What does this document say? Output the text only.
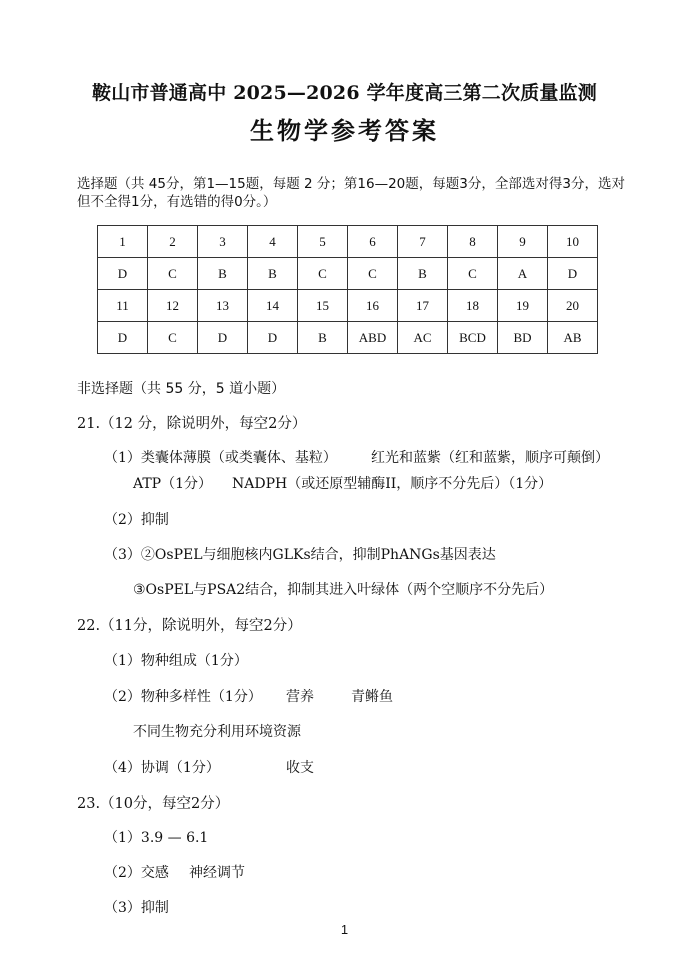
鞍山市普通高中 2025—2026 学年度高三第二次质量监测
生物学参考答案
选择题（共 45分，第1—15题，每题 2 分；第16—20题，每题3分，全部选对得3分，选对
但不全得1分，有选错的得0分。）
1	2	3	4	5	6	7	8	9	10
D	C	B	B	C	C	B	C	A	D
11	12	13	14	15	16	17	18	19	20
D	C	D	D	B	ABD	AC	BCD	BD	AB
非选择题（共 55 分，5 道小题）
21.（12 分，除说明外，每空2分）
（1）类囊体薄膜（或类囊体、基粒） 红光和蓝紫（红和蓝紫，顺序可颠倒）
ATP（1分） NADPH（或还原型辅酶II，顺序不分先后）（1分）
（2）抑制
（3）②OsPEL与细胞核内GLKs结合，抑制PhANGs基因表达
③OsPEL与PSA2结合，抑制其进入叶绿体（两个空顺序不分先后）
22.（11分，除说明外，每空2分）
（1）物种组成（1分）
（2）物种多样性（1分） 营养	青鳉鱼
不同生物充分利用环境资源
（4）协调（1分）	收支
23.（10分，每空2分）
（1）3.9 — 6.1
（2）交感 神经调节
（3）抑制
1
